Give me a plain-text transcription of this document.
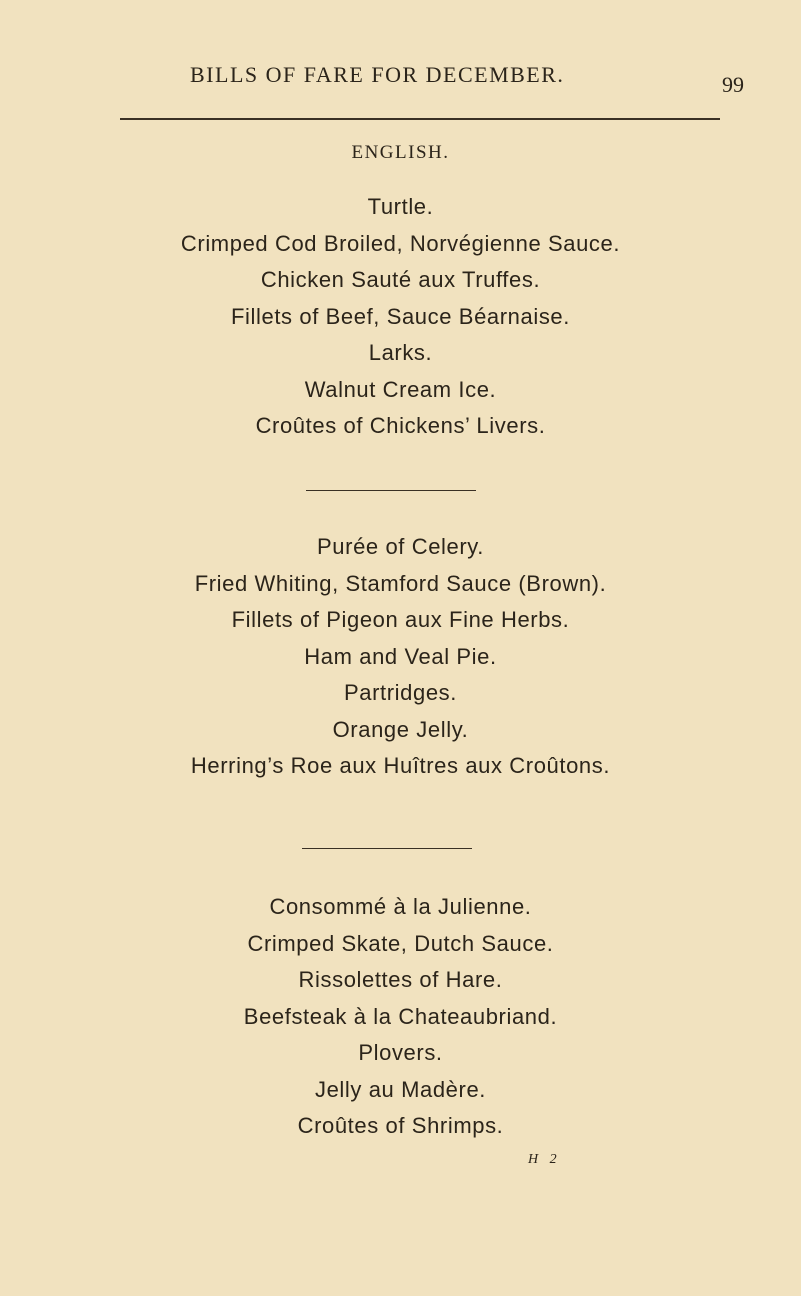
BILLS OF FARE FOR DECEMBER.	99
ENGLISH.
Turtle.
Crimped Cod Broiled, Norvégienne Sauce.
Chicken Sauté aux Truffes.
Fillets of Beef, Sauce Béarnaise.
Larks.
Walnut Cream Ice.
Croûtes of Chickens’ Livers.
Purée of Celery.
Fried Whiting, Stamford Sauce (Brown).
Fillets of Pigeon aux Fine Herbs.
Ham and Veal Pie.
Partridges.
Orange Jelly.
Herring’s Roe aux Huîtres aux Croûtons.
Consommé à la Julienne.
Crimped Skate, Dutch Sauce.
Rissolettes of Hare.
Beefsteak à la Chateaubriand.
Plovers.
Jelly au Madère.
Croûtes of Shrimps.
H 2
